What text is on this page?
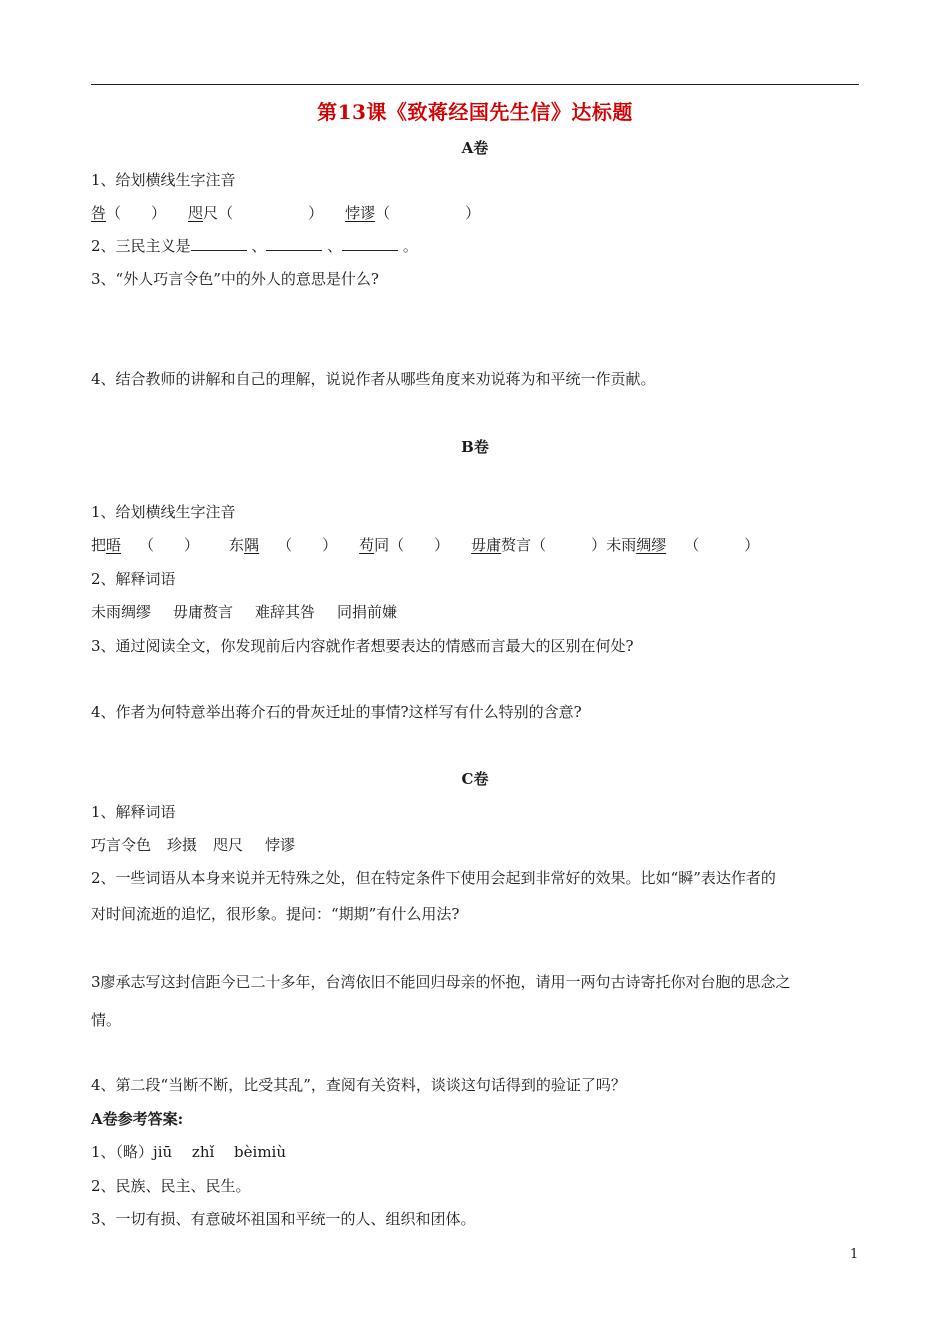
第13课《致蒋经国先生信》达标题
A卷
1、给划横线生字注音
咎（　　） 咫尺（　　　　　） 悖谬（　　　　　）
2、三民主义是	、	、	。
3、“外人巧言令色”中的外人的意思是什么?
4、结合教师的讲解和自己的理解，说说作者从哪些角度来劝说蒋为和平统一作贡献。
B卷
1、给划横线生字注音
把晤 （　　） 东隅 （　　） 苟同（　　） 毋庸赘言（　　　）未雨绸缪 （　　　）
2、解释词语
未雨绸缪 毋庸赘言 难辞其咎 同捐前嫌
3、通过阅读全文，你发现前后内容就作者想要表达的情感而言最大的区别在何处?
4、作者为何特意举出蒋介石的骨灰迁址的事情?这样写有什么特别的含意?
C卷
1、解释词语
巧言令色 珍摄 咫尺 悖谬
2、一些词语从本身来说并无特殊之处，但在特定条件下使用会起到非常好的效果。比如“瞬”表达作者的
对时间流逝的追忆，很形象。提问：“期期”有什么用法?
3廖承志写这封信距今已二十多年，台湾依旧不能回归母亲的怀抱，请用一两句古诗寄托你对台胞的思念之
情。
4、第二段“当断不断，比受其乱”，查阅有关资料，谈谈这句话得到的验证了吗？
A卷参考答案:
1、（略）jiū　 zhǐ　 bèimiù
2、民族、民主、民生。
3、一切有损、有意破坏祖国和平统一的人、组织和团体。
1
